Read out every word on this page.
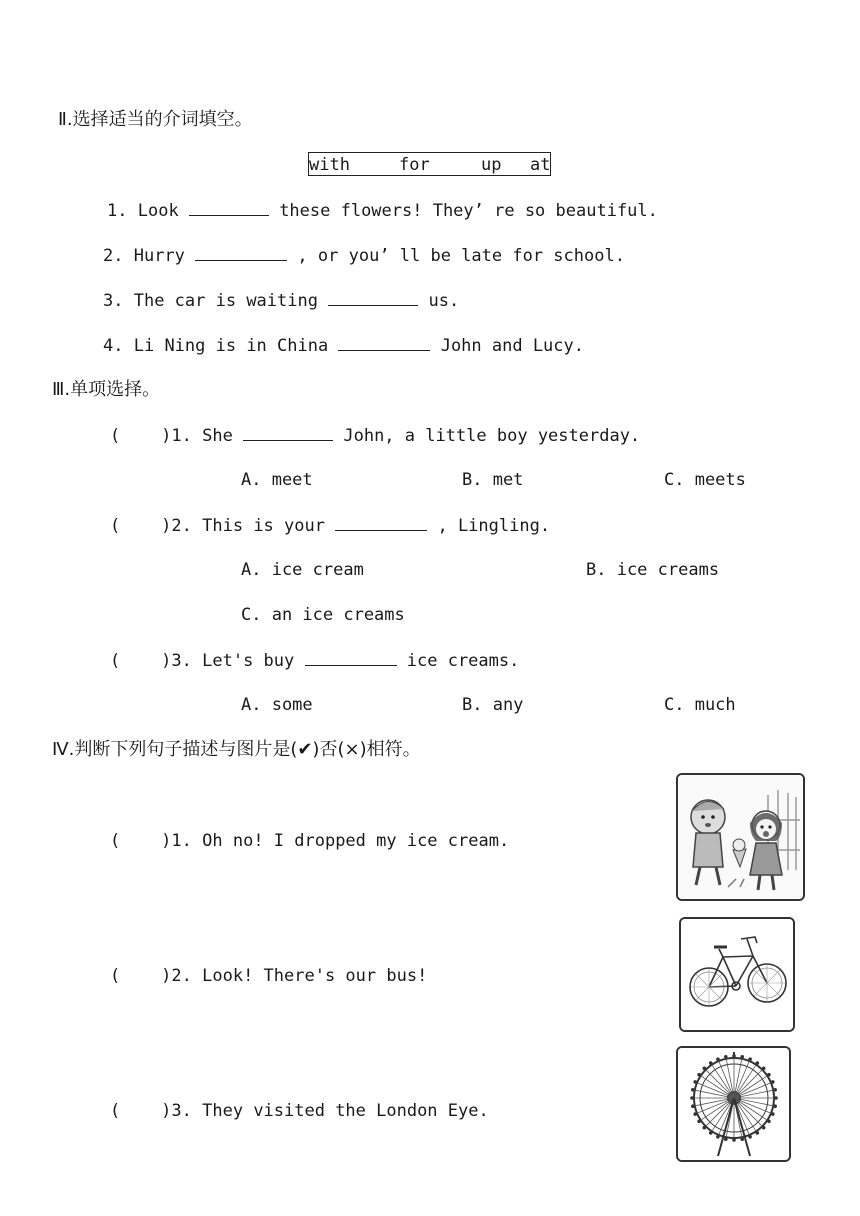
Ⅱ.选择适当的介词填空。
with	for	up at
1. Look	these flowers! They’ re so beautiful.
2. Hurry	, or you’ ll be late for school.
3. The car is waiting	us.
4. Li Ning is in China	John and Lucy.
Ⅲ.单项选择。
(    )1. She	John, a little boy yesterday.
A. meet	B. met	C. meets
(    )2. This is your	, Lingling.
A. ice cream	B. ice creams
C. an ice creams
(    )3. Let's buy	ice creams.
A. some	B. any	C. much
Ⅳ.判断下列句子描述与图片是(✔)否(×)相符。
(    )1. Oh no! I dropped my ice cream.
(    )2. Look! There's our bus!
(    )3. They visited the London Eye.
